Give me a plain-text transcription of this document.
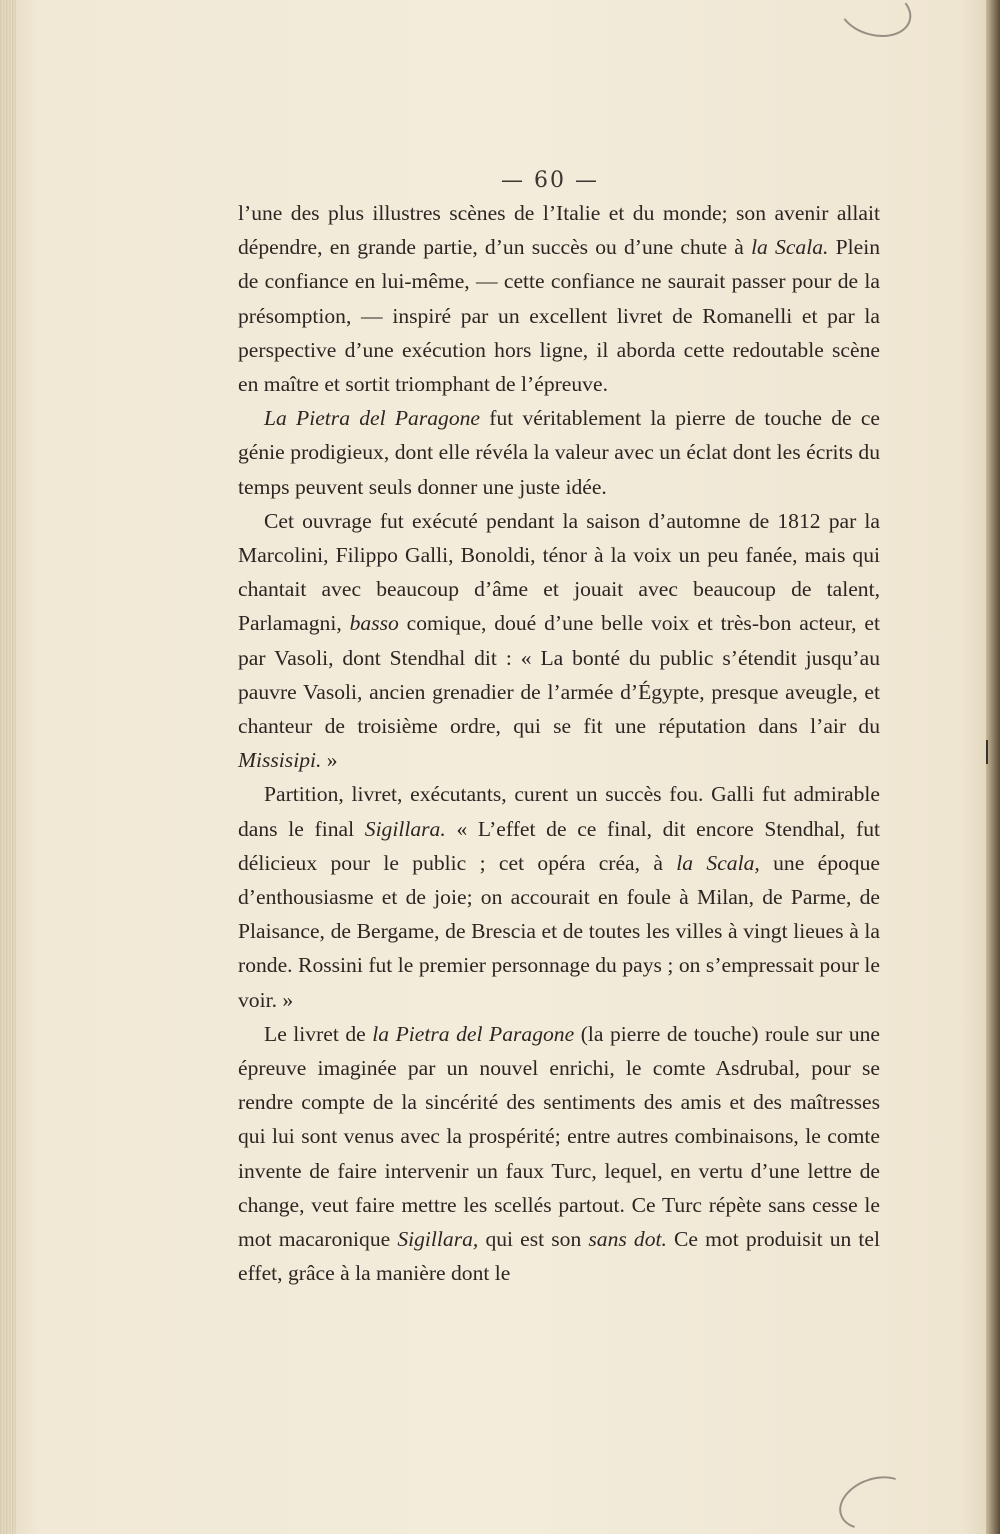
— 60 —

l’une des plus illustres scènes de l’Italie et du monde; son avenir allait dépendre, en grande partie, d’un succès ou d’une chute à la Scala. Plein de confiance en lui-même, — cette confiance ne saurait passer pour de la présomption, — inspiré par un excellent livret de Romanelli et par la perspective d’une exécution hors ligne, il aborda cette redoutable scène en maître et sortit triomphant de l’épreuve.

La Pietra del Paragone fut véritablement la pierre de touche de ce génie prodigieux, dont elle révéla la valeur avec un éclat dont les écrits du temps peuvent seuls donner une juste idée.

Cet ouvrage fut exécuté pendant la saison d’automne de 1812 par la Marcolini, Filippo Galli, Bonoldi, ténor à la voix un peu fanée, mais qui chantait avec beaucoup d’âme et jouait avec beaucoup de talent, Parlamagni, basso comique, doué d’une belle voix et très-bon acteur, et par Vasoli, dont Stendhal dit : « La bonté du public s’étendit jusqu’au pauvre Vasoli, ancien grenadier de l’armée d’Égypte, presque aveugle, et chanteur de troisième ordre, qui se fit une réputation dans l’air du Missisipi. »

Partition, livret, exécutants, curent un succès fou. Galli fut admirable dans le final Sigillara. « L’effet de ce final, dit encore Stendhal, fut délicieux pour le public ; cet opéra créa, à la Scala, une époque d’enthousiasme et de joie; on accourait en foule à Milan, de Parme, de Plaisance, de Bergame, de Brescia et de toutes les villes à vingt lieues à la ronde. Rossini fut le premier personnage du pays ; on s’empressait pour le voir. »

Le livret de la Pietra del Paragone (la pierre de touche) roule sur une épreuve imaginée par un nouvel enrichi, le comte Asdrubal, pour se rendre compte de la sincérité des sentiments des amis et des maîtresses qui lui sont venus avec la prospérité; entre autres combinaisons, le comte invente de faire intervenir un faux Turc, lequel, en vertu d’une lettre de change, veut faire mettre les scellés partout. Ce Turc répète sans cesse le mot macaronique Sigillara, qui est son sans dot. Ce mot produisit un tel effet, grâce à la manière dont le
